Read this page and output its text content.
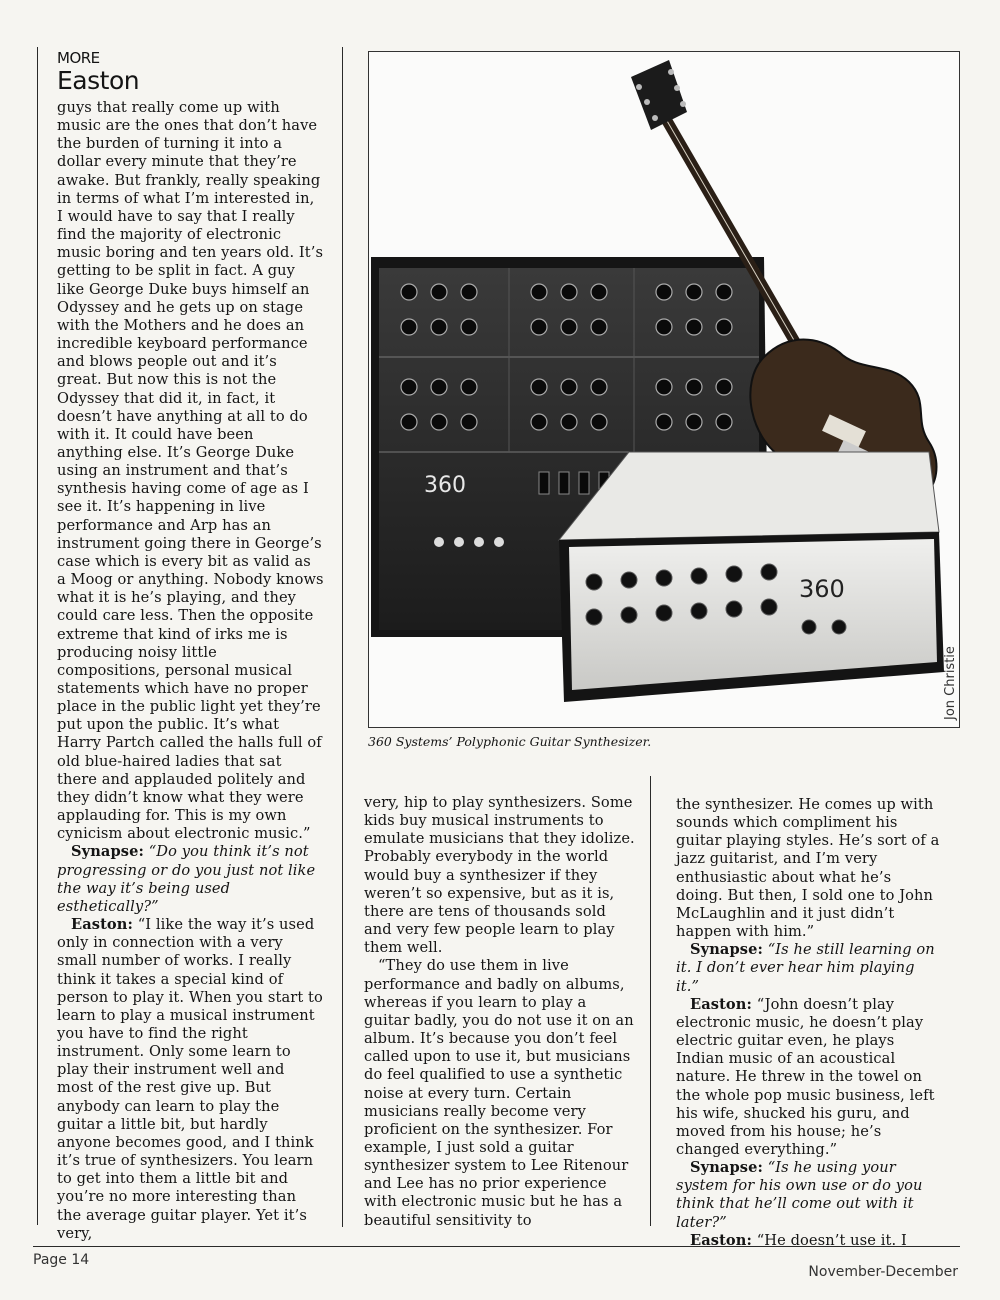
MORE
Easton

guys that really come up with music are the ones that don’t have the burden of turning it into a dollar every minute that they’re awake. But frankly, really speaking in terms of what I’m interested in, I would have to say that I really find the majority of electronic music boring and ten years old. It’s getting to be split in fact. A guy like George Duke buys himself an Odyssey and he gets up on stage with the Mothers and he does an incredible keyboard performance and blows people out and it’s great. But now this is not the Odyssey that did it, in fact, it doesn’t have anything at all to do with it. It could have been anything else. It’s George Duke using an instrument and that’s synthesis having come of age as I see it. It’s happening in live performance and Arp has an instrument going there in George’s case which is every bit as valid as a Moog or anything. Nobody knows what it is he’s playing, and they could care less. Then the opposite extreme that kind of irks me is producing noisy little compositions, personal musical statements which have no proper place in the public light yet they’re put upon the public. It’s what Harry Partch called the halls full of old blue-haired ladies that sat there and applauded politely and they didn’t know what they were applauding for. This is my own cynicism about electronic music.”

Synapse: “Do you think it’s not progressing or do you just not like the way it’s being used esthetically?”

Easton: “I like the way it’s used only in connection with a very small number of works. I really think it takes a special kind of person to play it. When you start to learn to play a musical instrument you have to find the right instrument. Only some learn to play their instrument well and most of the rest give up. But anybody can learn to play the guitar a little bit, but hardly anyone becomes good, and I think it’s true of synthesizers. You learn to get into them a little bit and you’re no more interesting than the average guitar player. Yet it’s very,

360
360
Jon Christie
360 Systems’ Polyphonic Guitar Synthesizer.

very, hip to play synthesizers. Some kids buy musical instruments to emulate musicians that they idolize. Probably everybody in the world would buy a synthesizer if they weren’t so expensive, but as it is, there are tens of thousands sold and very few people learn to play them well.

“They do use them in live performance and badly on albums, whereas if you learn to play a guitar badly, you do not use it on an album. It’s because you don’t feel called upon to use it, but musicians do feel qualified to use a synthetic noise at every turn. Certain musicians really become very proficient on the synthesizer. For example, I just sold a guitar synthesizer system to Lee Ritenour and Lee has no prior experience with electronic music but he has a beautiful sensitivity to

the synthesizer. He comes up with sounds which compliment his guitar playing styles. He’s sort of a jazz guitarist, and I’m very enthusiastic about what he’s doing. But then, I sold one to John McLaughlin and it just didn’t happen with him.”

Synapse: “Is he still learning on it. I don’t ever hear him playing it.”

Easton: “John doesn’t play electronic music, he doesn’t play electric guitar even, he plays Indian music of an acoustical nature. He threw in the towel on the whole pop music business, left his wife, shucked his guru, and moved from his house; he’s changed everything.”

Synapse: “Is he using your system for his own use or do you think that he’ll come out with it later?”

Easton: “He doesn’t use it. I

Page 14
November-December
